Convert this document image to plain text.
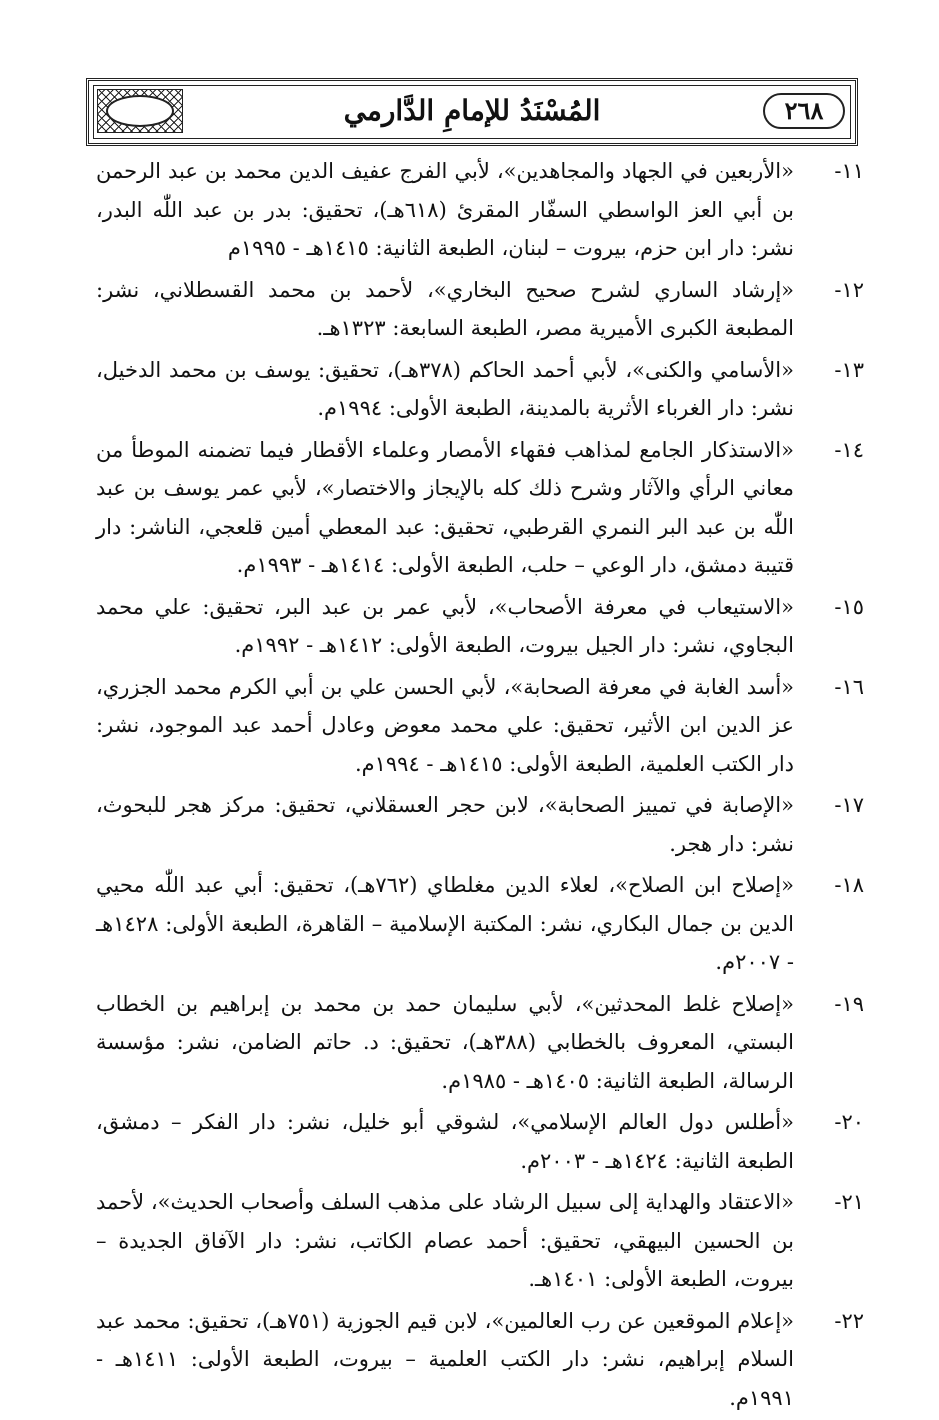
٢٦٨
المُسْنَدُ للإمامِ الدَّارمي
١١-
«الأربعين في الجهاد والمجاهدين»، لأبي الفرج عفيف الدين محمد بن عبد الرحمن بن أبي العز الواسطي السفّار المقرئ (٦١٨هـ)، تحقيق: بدر بن عبد اللّٰه البدر، نشر: دار ابن حزم، بيروت – لبنان، الطبعة الثانية: ١٤١٥هـ - ١٩٩٥م
١٢-
«إرشاد الساري لشرح صحيح البخاري»، لأحمد بن محمد القسطلاني، نشر: المطبعة الكبرى الأميرية مصر، الطبعة السابعة: ١٣٢٣هـ.
١٣-
«الأسامي والكنى»، لأبي أحمد الحاكم (٣٧٨هـ)، تحقيق: يوسف بن محمد الدخيل، نشر: دار الغرباء الأثرية بالمدينة، الطبعة الأولى: ١٩٩٤م.
١٤-
«الاستذكار الجامع لمذاهب فقهاء الأمصار وعلماء الأقطار فيما تضمنه الموطأ من معاني الرأي والآثار وشرح ذلك كله بالإيجاز والاختصار»، لأبي عمر يوسف بن عبد اللّٰه بن عبد البر النمري القرطبي، تحقيق: عبد المعطي أمين قلعجي، الناشر: دار قتيبة دمشق، دار الوعي – حلب، الطبعة الأولى: ١٤١٤هـ - ١٩٩٣م.
١٥-
«الاستيعاب في معرفة الأصحاب»، لأبي عمر بن عبد البر، تحقيق: علي محمد البجاوي، نشر: دار الجيل بيروت، الطبعة الأولى: ١٤١٢هـ - ١٩٩٢م.
١٦-
«أسد الغابة في معرفة الصحابة»، لأبي الحسن علي بن أبي الكرم محمد الجزري، عز الدين ابن الأثير، تحقيق: علي محمد معوض وعادل أحمد عبد الموجود، نشر: دار الكتب العلمية، الطبعة الأولى: ١٤١٥هـ - ١٩٩٤م.
١٧-
«الإصابة في تمييز الصحابة»، لابن حجر العسقلاني، تحقيق: مركز هجر للبحوث، نشر: دار هجر.
١٨-
«إصلاح ابن الصلاح»، لعلاء الدين مغلطاي (٧٦٢هـ)، تحقيق: أبي عبد اللّٰه محيي الدين بن جمال البكاري، نشر: المكتبة الإسلامية – القاهرة، الطبعة الأولى: ١٤٢٨هـ - ٢٠٠٧م.
١٩-
«إصلاح غلط المحدثين»، لأبي سليمان حمد بن محمد بن إبراهيم بن الخطاب البستي، المعروف بالخطابي (٣٨٨هـ)، تحقيق: د. حاتم الضامن، نشر: مؤسسة الرسالة، الطبعة الثانية: ١٤٠٥هـ - ١٩٨٥م.
٢٠-
«أطلس دول العالم الإسلامي»، لشوقي أبو خليل، نشر: دار الفكر – دمشق، الطبعة الثانية: ١٤٢٤هـ - ٢٠٠٣م.
٢١-
«الاعتقاد والهداية إلى سبيل الرشاد على مذهب السلف وأصحاب الحديث»، لأحمد بن الحسين البيهقي، تحقيق: أحمد عصام الكاتب، نشر: دار الآفاق الجديدة – بيروت، الطبعة الأولى: ١٤٠١هـ.
٢٢-
«إعلام الموقعين عن رب العالمين»، لابن قيم الجوزية (٧٥١هـ)، تحقيق: محمد عبد السلام إبراهيم، نشر: دار الكتب العلمية – بيروت، الطبعة الأولى: ١٤١١هـ - ١٩٩١م.
